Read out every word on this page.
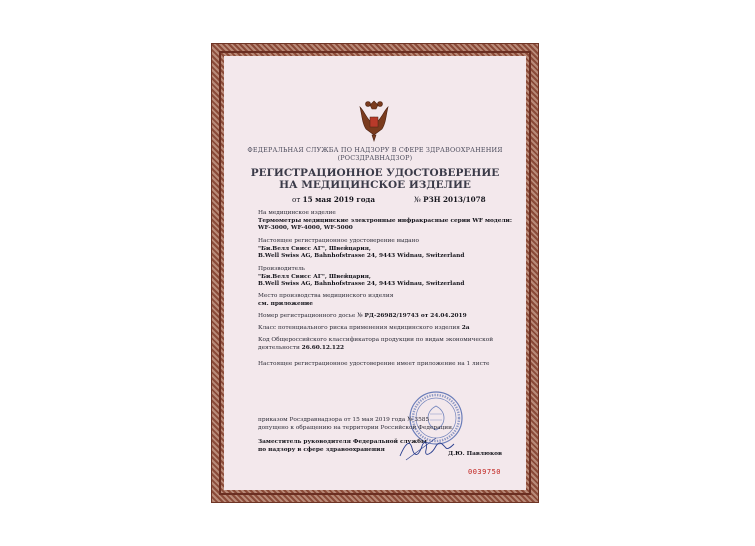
ФЕДЕРАЛЬНАЯ СЛУЖБА ПО НАДЗОРУ В СФЕРЕ ЗДРАВООХРАНЕНИЯ
(РОСЗДРАВНАДЗОР)
РЕГИСТРАЦИОННОЕ УДОСТОВЕРЕНИЕ
НА МЕДИЦИНСКОЕ ИЗДЕЛИЕ
от 15 мая 2019 года	№ РЗН 2013/1078
На медицинское изделие
Термометры медицинские электронные инфракрасные серии WF модели:
WF-3000, WF-4000, WF-5000
Настоящее регистрационное удостоверение выдано
"Би.Велл Свисс АГ", Швейцария,
B.Well Swiss AG, Bahnhofstrasse 24, 9443 Widnau, Switzerland
Производитель
"Би.Велл Свисс АГ", Швейцария,
B.Well Swiss AG, Bahnhofstrasse 24, 9443 Widnau, Switzerland
Место производства медицинского изделия
см. приложение
Номер регистрационного досье № РД-26982/19743 от 24.04.2019
Класс потенциального риска применения медицинского изделия 2а
Код Общероссийского классификатора продукции по видам экономической
деятельности 26.60.12.122
Настоящее регистрационное удостоверение имеет приложение на 1 листе
приказом Росздравнадзора от 15 мая 2019 года № 3585
допущено к обращению на территории Российской Федерации.
Заместитель руководителя Федеральной службы
по надзору в сфере здравоохранения
Д.Ю. Павлюков
0039750
